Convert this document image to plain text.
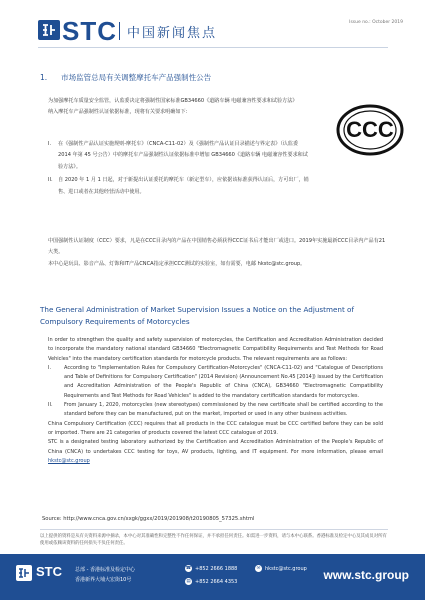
STC 中国新闻焦点
Issue no.: October 2019
1. 市场监管总局有关调整摩托车产品强制性公告

为加强摩托车质量安全监管，认监委决定将强制性国家标准GB34660《道路车辆 电磁兼容性要求和试验方法》纳入摩托车产品强制性认证依据标准，现将有关要求明确如下：

I.	在《强制性产品认证实施规则-摩托车》（CNCA-C11-02）及《强制性产品认证目录描述与界定表》（认监委 2014 年第 45 号公告）中的摩托车产品强制性认证依据标准中增加 GB34660《道路车辆 电磁兼容性要求和试验方法》。
II.	自 2020 年 1 月 1 日起，对于新提出认证委托的摩托车（新定型车），应依据该标准获得认证后，方可出厂，销售、进口或者在其他经营活动中使用。
CCC

中国强制性认证制度（CCC）要求，凡是在CCC目录内的产品在中国销售必须获得CCC证书后才能出厂或进口。2019年实施最新CCC目录内产品有21大类。

本中心是玩具、影音产品、灯饰和IT产品CNCA指定承担CCC测试的实验室，如有需要，电邮 hkstc@stc.group。

The General Administration of Market Supervision Issues a Notice on the Adjustment of Compulsory Requirements of Motorcycles

In order to strengthen the quality and safety supervision of motorcycles, the Certification and Accreditation Administration decided to incorporate the mandatory national standard GB34660 "Electromagnetic Compatibility Requirements and Test Methods for Road Vehicles" into the mandatory certification standards for motorcycle products. The relevant requirements are as follows:

I.	According to "Implementation Rules for Compulsory Certification-Motorcycles" (CNCA-C11-02) and "Catalogue of Descriptions and Table of Definitions for Compulsory Certification" (2014 Revision) (Announcement No.45 [2014]) issued by the Certification and Accreditation Administration of the People's Republic of China (CNCA), GB34660 "Electromagnetic Compatibility Requirements and Test Methods for Road Vehicles" is added to the mandatory certification standards for motorcycles.
II.	From January 1, 2020, motorcycles (new stereotypes) commissioned by the new certificate shall be certified according to the standard before they can be manufactured, put on the market, imported or used in any other business activities.

China Compulsory Certification (CCC) requires that all products in the CCC catalogue must be CCC certified before they can be sold or imported. There are 21 categories of products covered the latest CCC catalogue of 2019.

STC is a designated testing laboratory authorized by the Certification and Accreditation Administration of the People's Republic of China (CNCA) to undertakes CCC testing for toys, AV products, lighting, and IT equipment. For more information, please email hkstc@stc.group

Source: http://www.cnca.gov.cn/xxgk/ggxx/2019/201908/t20190805_57325.shtml
以上提供的资料是从有关资料来源中摘录，本中心对其准确性和完整性不作任何保证，并不承担任何责任。如需进一步资料，请与本中心联系。香港标准及检定中心及其成员对所有使用或依赖该资料的任何损失不负任何责任。
STC	总部 - 香港标准及检定中心
香港新界大埔大宏街10号
☎ +852 2666 1888
▤ +852 2664 4353
✉ hkstc@stc.group www.stc.group
